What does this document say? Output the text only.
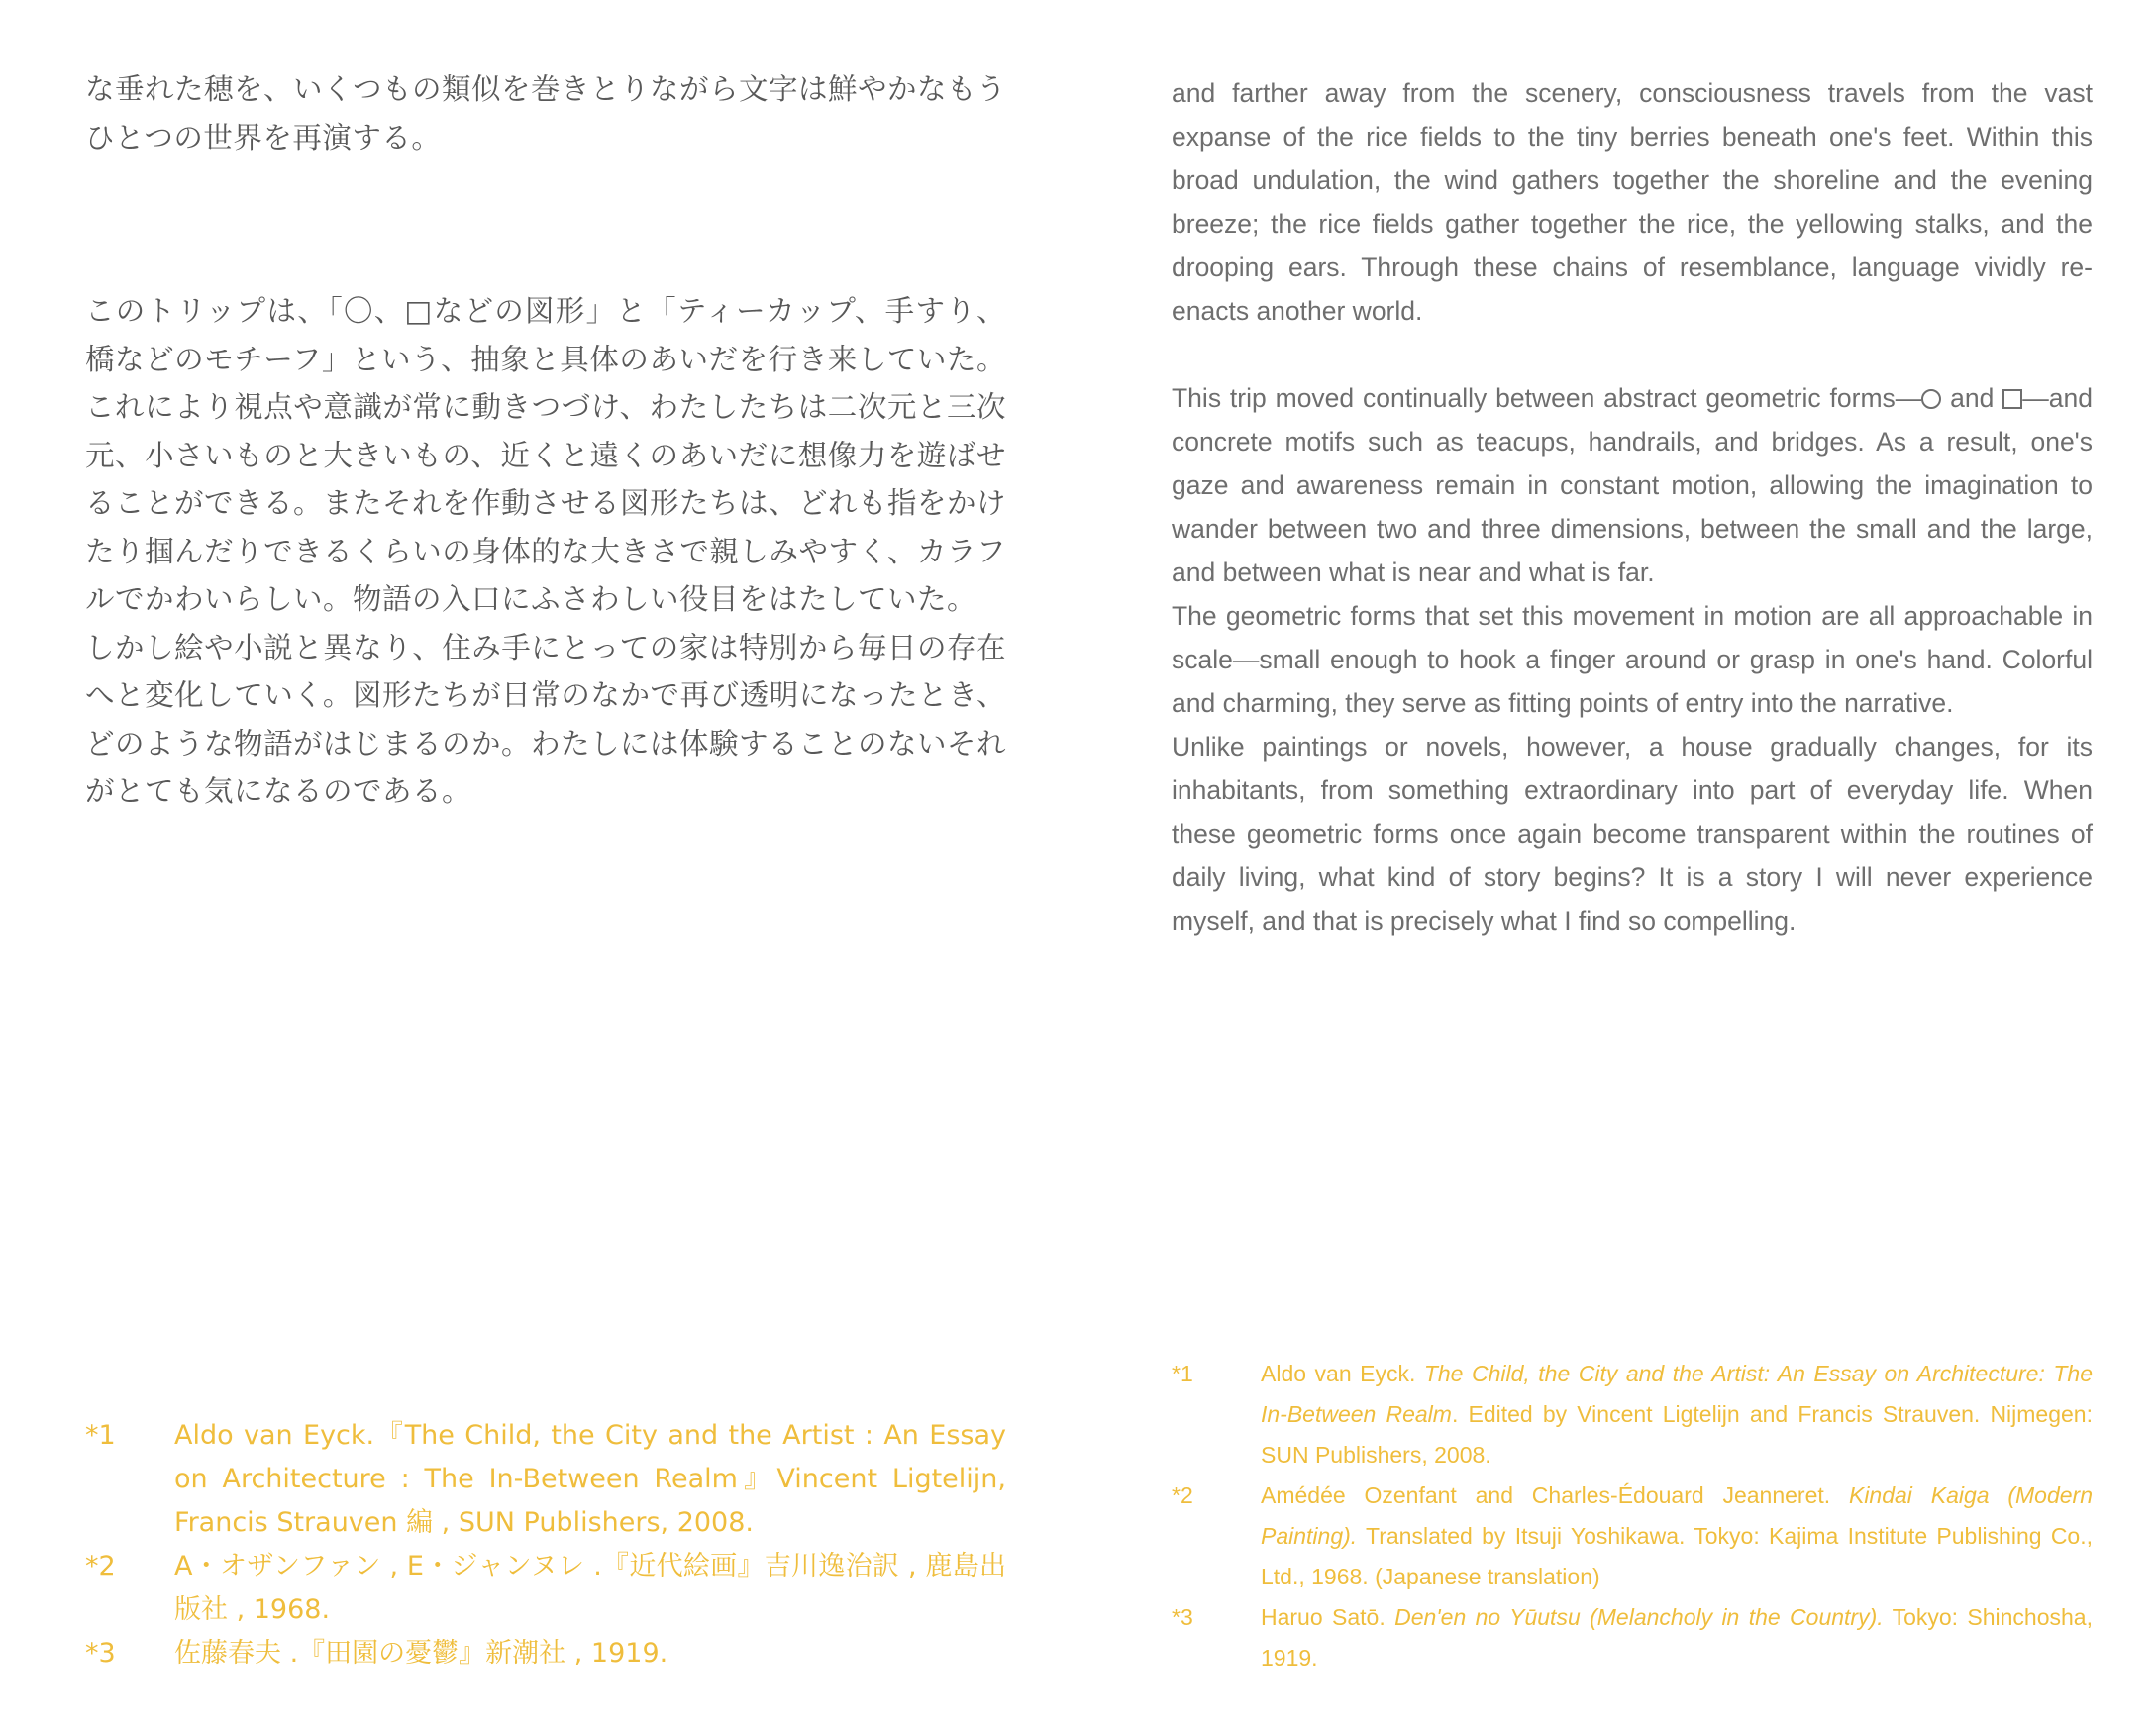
な垂れた穂を、いくつもの類似を巻きとりながら文字は鮮やかなもう

ひとつの世界を再演する。

このトリップは、「〇、□などの図形」と「ティーカップ、手すり、橋などのモチーフ」という、抽象と具体のあいだを行き来していた。これにより視点や意識が常に動きつづけ、わたしたちは二次元と三次元、小さいものと大きいもの、近くと遠くのあいだに想像力を遊ばせることができる。またそれを作動させる図形たちは、どれも指をかけたり掴んだりできるくらいの身体的な大きさで親しみやすく、カラフルでかわいらしい。物語の入口にふさわしい役目をはたしていた。

しかし絵や小説と異なり、住み手にとっての家は特別から毎日の存在へと変化していく。図形たちが日常のなかで再び透明になったとき、どのような物語がはじまるのか。わたしには体験することのないそれがとても気になるのである。

and farther away from the scenery, consciousness travels from the vast expanse of the rice fields to the tiny berries beneath one's feet. Within this broad undulation, the wind gathers together the shoreline and the evening breeze; the rice fields gather together the rice, the yellowing stalks, and the drooping ears. Through these chains of resemblance, language vividly re-enacts another world.

This trip moved continually between abstract geometric forms— and —and concrete motifs such as teacups, handrails, and bridges. As a result, one's gaze and awareness remain in constant motion, allowing the imagination to wander between two and three dimensions, between the small and the large, and between what is near and what is far.

The geometric forms that set this movement in motion are all approachable in scale—small enough to hook a finger around or grasp in one's hand. Colorful and charming, they serve as fitting points of entry into the narrative.

Unlike paintings or novels, however, a house gradually changes, for its inhabitants, from something extraordinary into part of everyday life. When these geometric forms once again become transparent within the routines of daily living, what kind of story begins? It is a story I will never experience myself, and that is precisely what I find so compelling.

*1	Aldo van Eyck.『The Child, the City and the Artist : An Essay on Architecture : The In-Between Realm』Vincent Ligtelijn, Francis Strauven 編 , SUN Publishers, 2008.
*2	A・オザンファン , E・ジャンヌレ .『近代絵画』吉川逸治訳 , 鹿島出版社 , 1968.
*3	佐藤春夫 .『田園の憂鬱』新潮社 , 1919.
*1	Aldo van Eyck. The Child, the City and the Artist: An Essay on Architecture: The In-Between Realm. Edited by Vincent Ligtelijn and Francis Strauven. Nijmegen: SUN Publishers, 2008.
*2	Amédée Ozenfant and Charles-Édouard Jeanneret. Kindai Kaiga (Modern Painting). Translated by Itsuji Yoshikawa. Tokyo: Kajima Institute Publishing Co., Ltd., 1968. (Japanese translation)
*3	Haruo Satō. Den'en no Yūutsu (Melancholy in the Country). Tokyo: Shinchosha, 1919.
